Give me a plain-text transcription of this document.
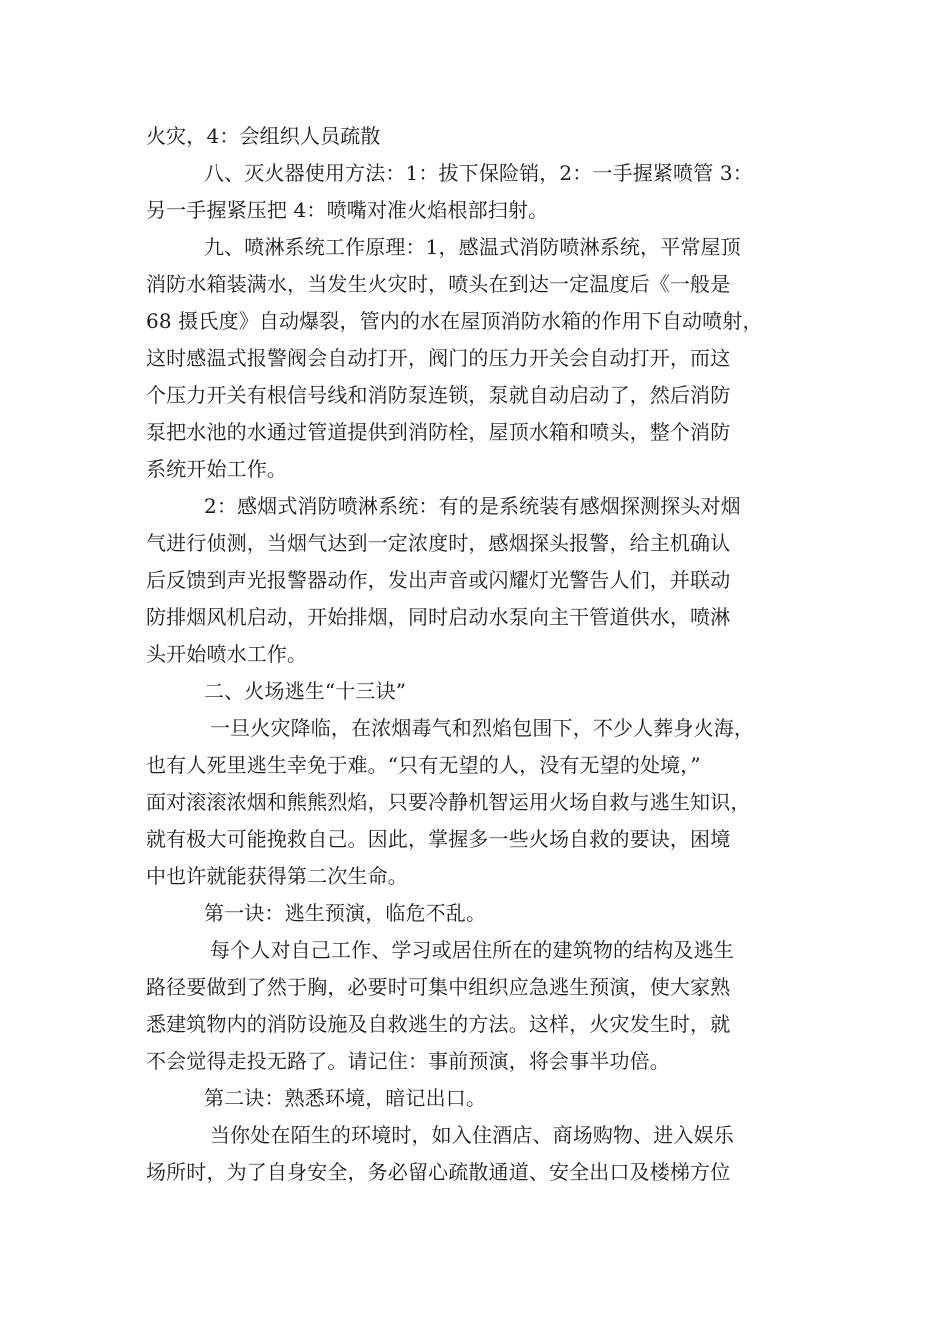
火灾，4：会组织人员疏散
八、灭火器使用方法：1：拔下保险销，2：一手握紧喷管 3：
另一手握紧压把 4：喷嘴对准火焰根部扫射。
九、喷淋系统工作原理：1，感温式消防喷淋系统，平常屋顶
消防水箱装满水，当发生火灾时，喷头在到达一定温度后《一般是
68 摄氏度》自动爆裂，管内的水在屋顶消防水箱的作用下自动喷射，
这时感温式报警阀会自动打开，阀门的压力开关会自动打开，而这
个压力开关有根信号线和消防泵连锁，泵就自动启动了，然后消防
泵把水池的水通过管道提供到消防栓，屋顶水箱和喷头，整个消防
系统开始工作。
2：感烟式消防喷淋系统：有的是系统装有感烟探测探头对烟
气进行侦测，当烟气达到一定浓度时，感烟探头报警，给主机确认
后反馈到声光报警器动作，发出声音或闪耀灯光警告人们，并联动
防排烟风机启动，开始排烟，同时启动水泵向主干管道供水，喷淋
头开始喷水工作。
二、火场逃生“十三诀”
一旦火灾降临，在浓烟毒气和烈焰包围下，不少人葬身火海，
也有人死里逃生幸免于难。“只有无望的人，没有无望的处境，”
面对滚滚浓烟和熊熊烈焰，只要冷静机智运用火场自救与逃生知识，
就有极大可能挽救自己。因此，掌握多一些火场自救的要诀，困境
中也许就能获得第二次生命。
第一诀：逃生预演，临危不乱。
每个人对自己工作、学习或居住所在的建筑物的结构及逃生
路径要做到了然于胸，必要时可集中组织应急逃生预演，使大家熟
悉建筑物内的消防设施及自救逃生的方法。这样，火灾发生时，就
不会觉得走投无路了。请记住：事前预演，将会事半功倍。
第二诀：熟悉环境，暗记出口。
当你处在陌生的环境时，如入住酒店、商场购物、进入娱乐
场所时，为了自身安全，务必留心疏散通道、安全出口及楼梯方位
